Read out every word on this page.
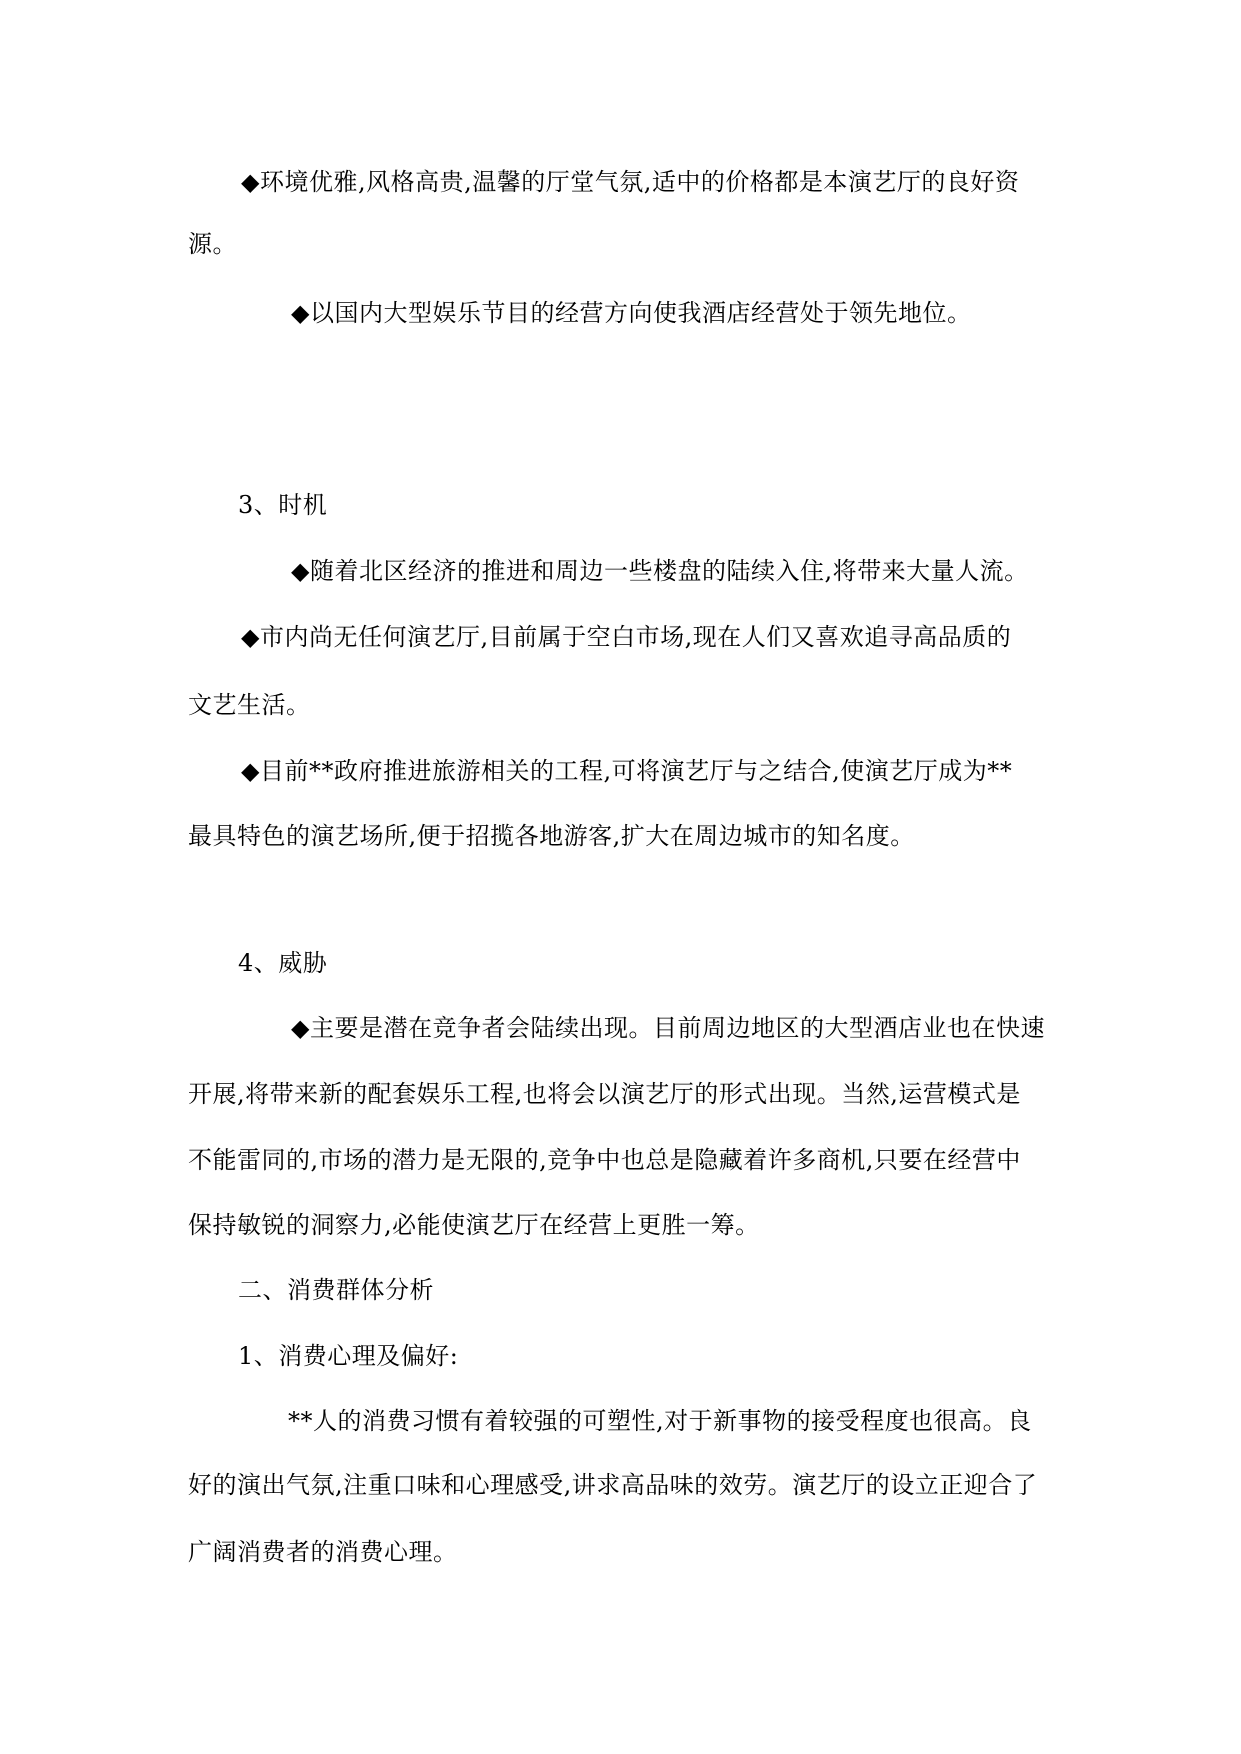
◆环境优雅,风格高贵,温馨的厅堂气氛,适中的价格都是本演艺厅的良好资
源。
◆以国内大型娱乐节目的经营方向使我酒店经营处于领先地位。
3、时机
◆随着北区经济的推进和周边一些楼盘的陆续入住,将带来大量人流。
◆市内尚无任何演艺厅,目前属于空白市场,现在人们又喜欢追寻高品质的
文艺生活。
◆目前**政府推进旅游相关的工程,可将演艺厅与之结合,使演艺厅成为**
最具特色的演艺场所,便于招揽各地游客,扩大在周边城市的知名度。
4、威胁
◆主要是潜在竞争者会陆续出现。目前周边地区的大型酒店业也在快速
开展,将带来新的配套娱乐工程,也将会以演艺厅的形式出现。当然,运营模式是
不能雷同的,市场的潜力是无限的,竞争中也总是隐藏着许多商机,只要在经营中
保持敏锐的洞察力,必能使演艺厅在经营上更胜一筹。
二、消费群体分析
1、消费心理及偏好:
**人的消费习惯有着较强的可塑性,对于新事物的接受程度也很高。良
好的演出气氛,注重口味和心理感受,讲求高品味的效劳。演艺厅的设立正迎合了
广阔消费者的消费心理。
